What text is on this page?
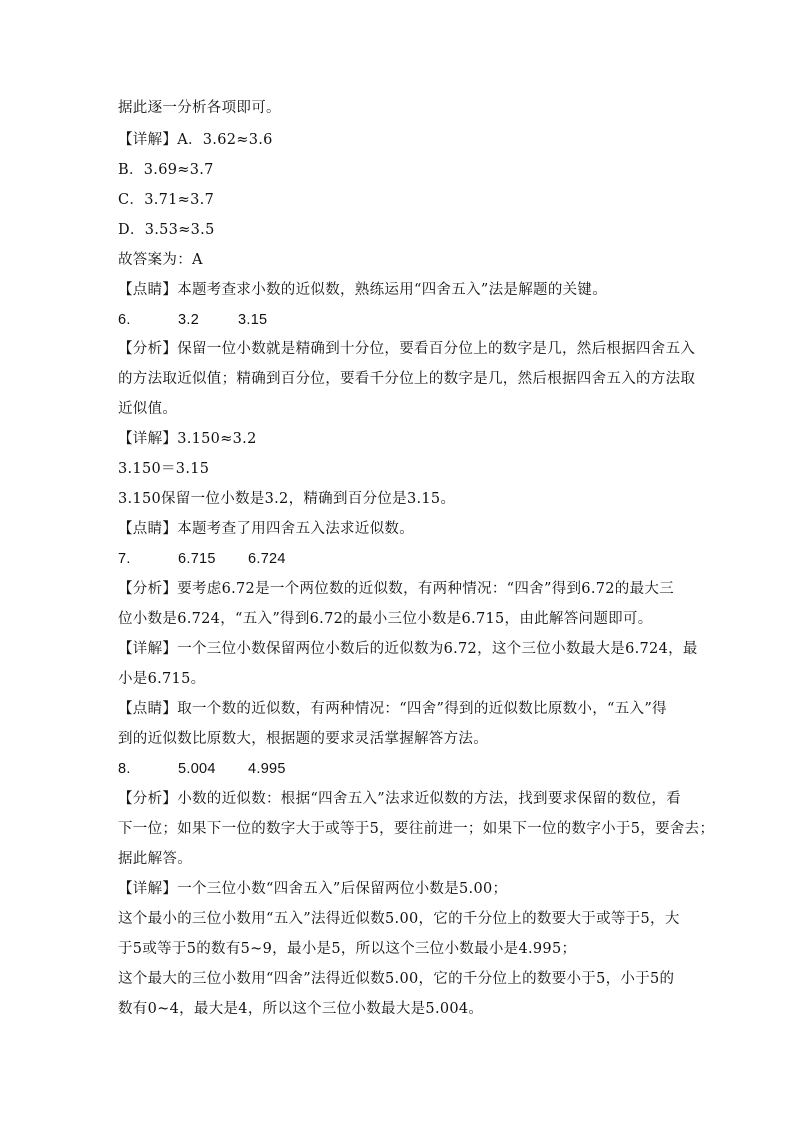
据此逐一分析各项即可。
【详解】A．3.62≈3.6
B．3.69≈3.7
C．3.71≈3.7
D．3.53≈3.5
故答案为：A
【点睛】本题考查求小数的近似数，熟练运用“四舍五入”法是解题的关键。
6.	3.2	3.15
【分析】保留一位小数就是精确到十分位，要看百分位上的数字是几，然后根据四舍五入
的方法取近似值；精确到百分位，要看千分位上的数字是几，然后根据四舍五入的方法取
近似值。
【详解】3.150≈3.2
3.150＝3.15
3.150保留一位小数是3.2，精确到百分位是3.15。
【点睛】本题考查了用四舍五入法求近似数。
7.	6.715 6.724
【分析】要考虑6.72是一个两位数的近似数，有两种情况：“四舍”得到6.72的最大三
位小数是6.724，“五入”得到6.72的最小三位小数是6.715，由此解答问题即可。
【详解】一个三位小数保留两位小数后的近似数为6.72，这个三位小数最大是6.724，最
小是6.715。
【点睛】取一个数的近似数，有两种情况：“四舍”得到的近似数比原数小，“五入”得
到的近似数比原数大，根据题的要求灵活掌握解答方法。
8.	5.004 4.995
【分析】小数的近似数：根据“四舍五入”法求近似数的方法，找到要求保留的数位，看
下一位；如果下一位的数字大于或等于5，要往前进一；如果下一位的数字小于5，要舍去；
据此解答。
【详解】一个三位小数“四舍五入”后保留两位小数是5.00；
这个最小的三位小数用“五入”法得近似数5.00，它的千分位上的数要大于或等于5，大
于5或等于5的数有5~9，最小是5，所以这个三位小数最小是4.995；
这个最大的三位小数用“四舍”法得近似数5.00，它的千分位上的数要小于5，小于5的
数有0~4，最大是4，所以这个三位小数最大是5.004。
